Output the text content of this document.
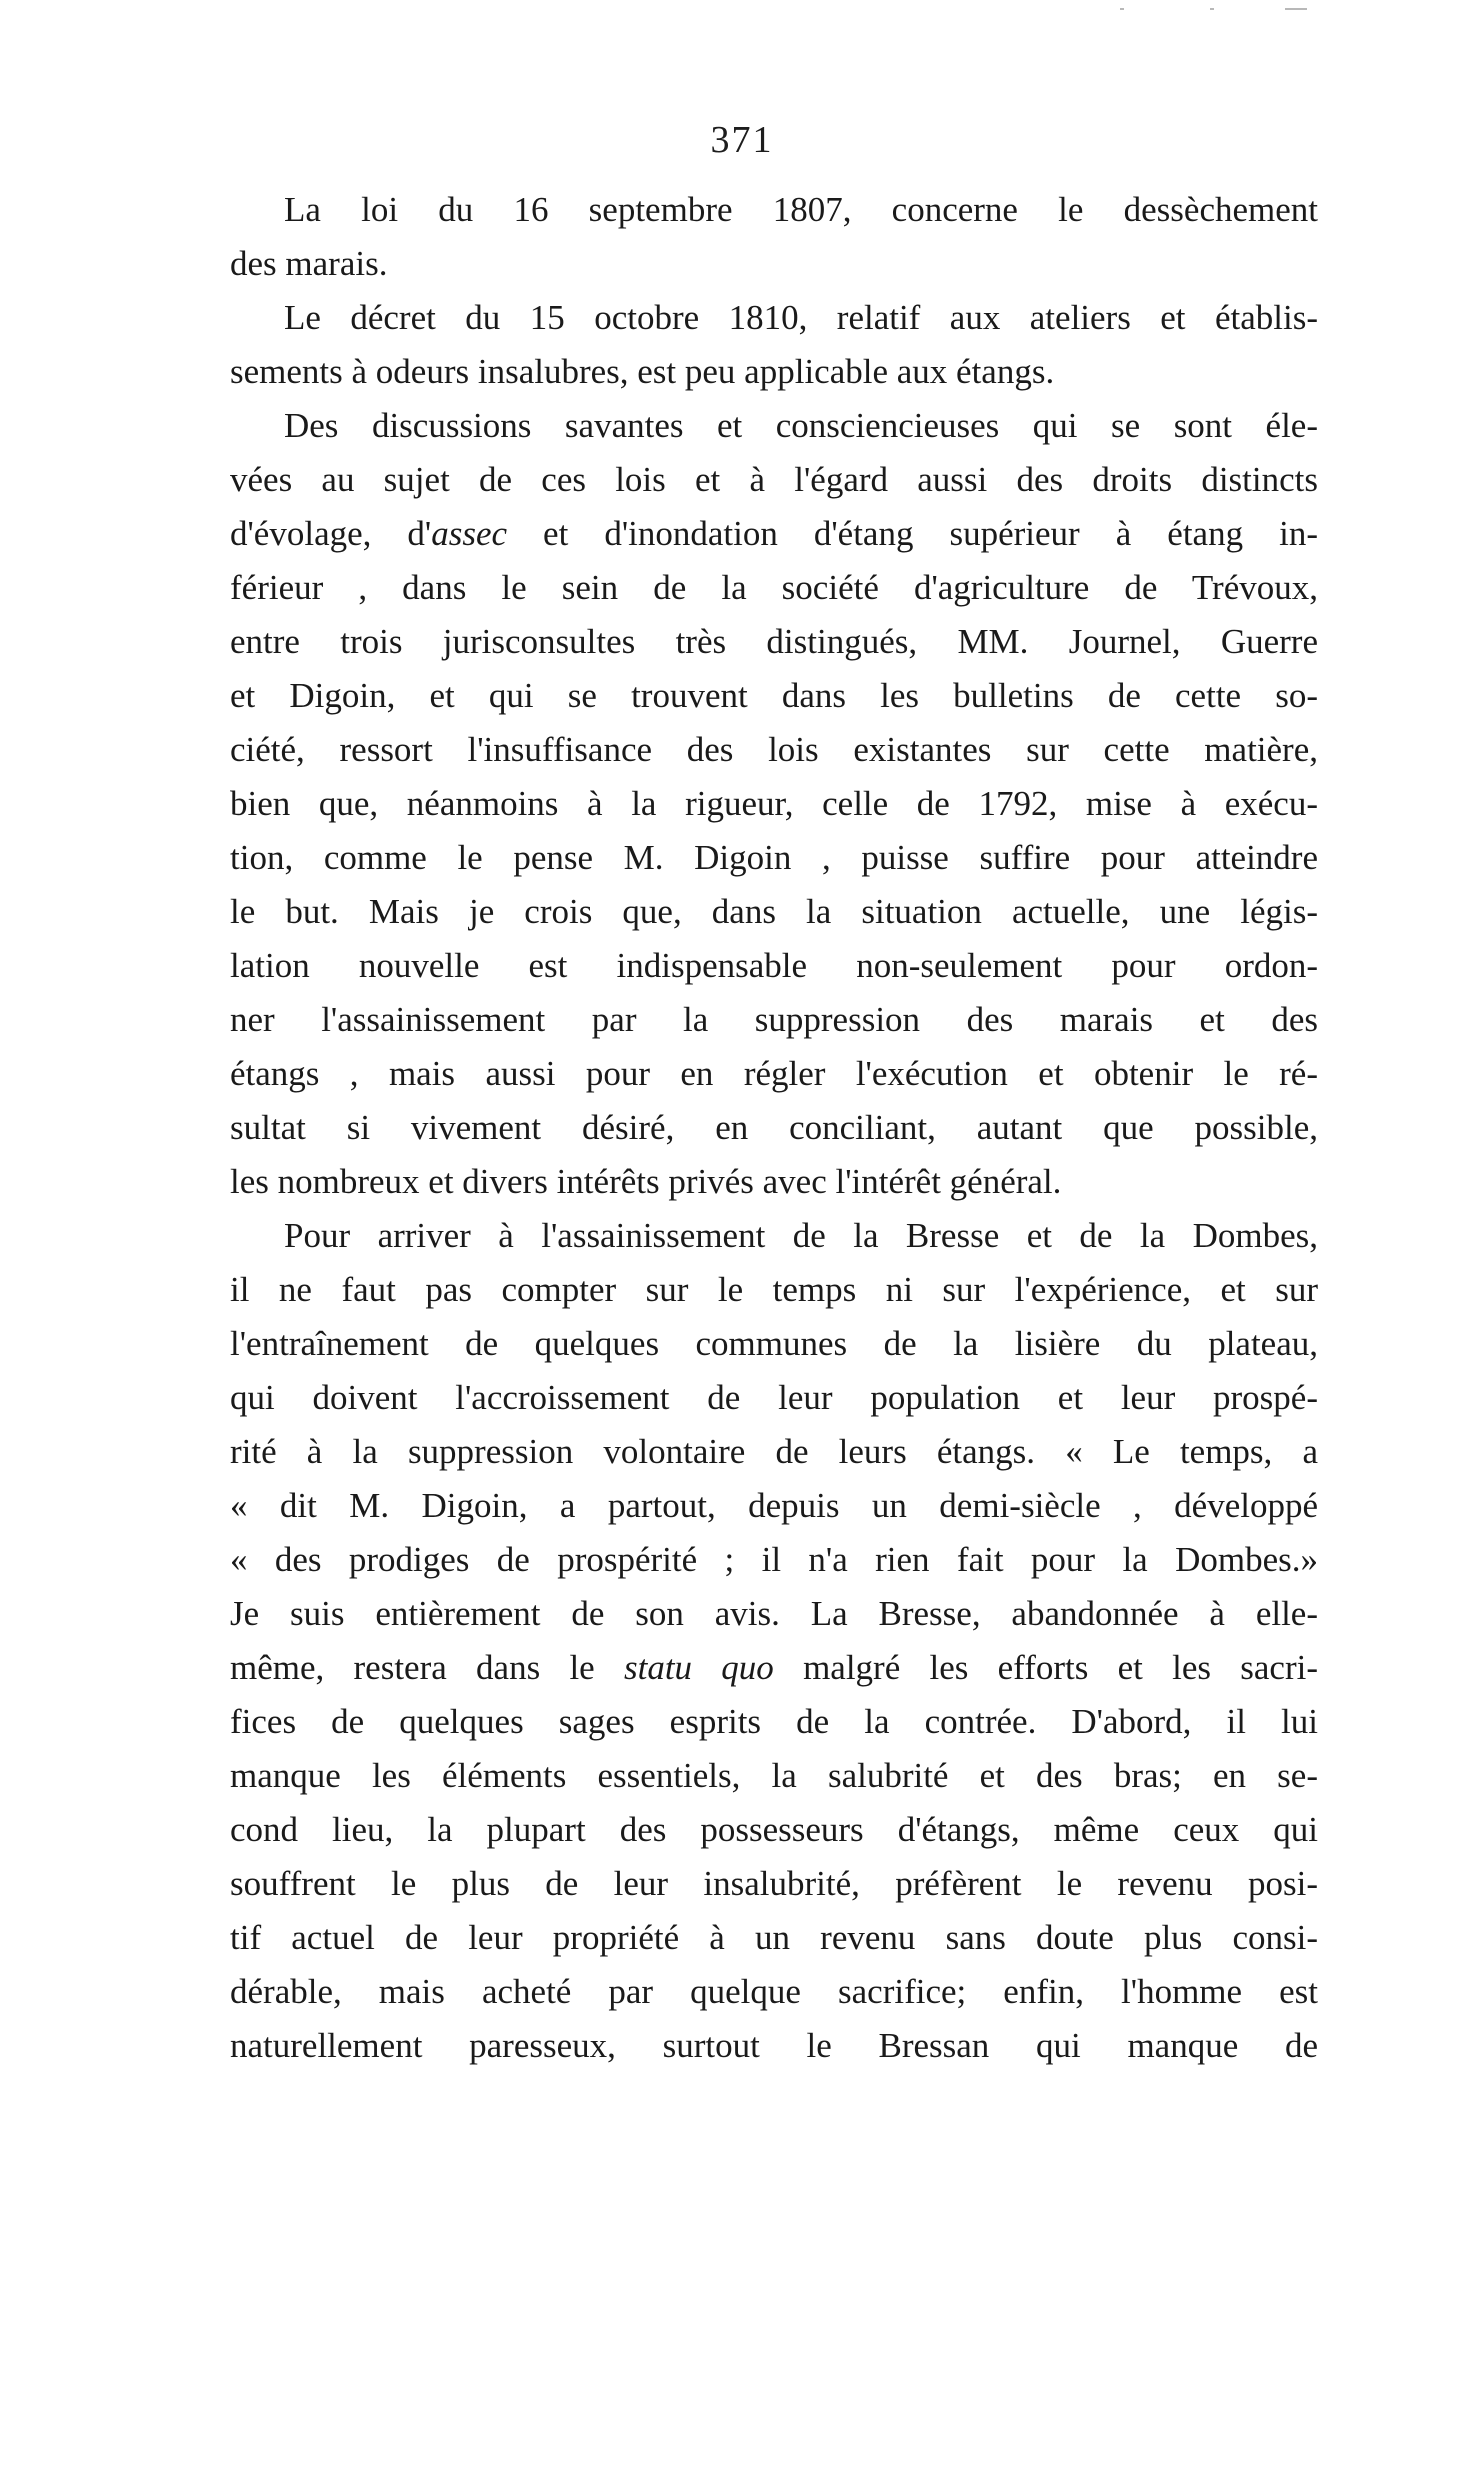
371
La loi du 16 septembre 1807, concerne le dessèchement
des marais.
Le décret du 15 octobre 1810, relatif aux ateliers et établis-
sements à odeurs insalubres, est peu applicable aux étangs.
Des discussions savantes et consciencieuses qui se sont éle-
vées au sujet de ces lois et à l'égard aussi des droits distincts
d'évolage, d'assec et d'inondation d'étang supérieur à étang in-
férieur , dans le sein de la société d'agriculture de Trévoux,
entre trois jurisconsultes très distingués, MM. Journel, Guerre
et Digoin, et qui se trouvent dans les bulletins de cette so-
ciété, ressort l'insuffisance des lois existantes sur cette matière,
bien que, néanmoins à la rigueur, celle de 1792, mise à exécu-
tion, comme le pense M. Digoin , puisse suffire pour atteindre
le but. Mais je crois que, dans la situation actuelle, une légis-
lation nouvelle est indispensable non-seulement pour ordon-
ner l'assainissement par la suppression des marais et des
étangs , mais aussi pour en régler l'exécution et obtenir le ré-
sultat si vivement désiré, en conciliant, autant que possible,
les nombreux et divers intérêts privés avec l'intérêt général.
Pour arriver à l'assainissement de la Bresse et de la Dombes,
il ne faut pas compter sur le temps ni sur l'expérience, et sur
l'entraînement de quelques communes de la lisière du plateau,
qui doivent l'accroissement de leur population et leur prospé-
rité à la suppression volontaire de leurs étangs. « Le temps, a
« dit M. Digoin, a partout, depuis un demi-siècle , développé
« des prodiges de prospérité ; il n'a rien fait pour la Dombes.»
Je suis entièrement de son avis. La Bresse, abandonnée à elle-
même, restera dans le statu quo malgré les efforts et les sacri-
fices de quelques sages esprits de la contrée. D'abord, il lui
manque les éléments essentiels, la salubrité et des bras; en se-
cond lieu, la plupart des possesseurs d'étangs, même ceux qui
souffrent le plus de leur insalubrité, préfèrent le revenu posi-
tif actuel de leur propriété à un revenu sans doute plus consi-
dérable, mais acheté par quelque sacrifice; enfin, l'homme est
naturellement paresseux, surtout le Bressan qui manque de
